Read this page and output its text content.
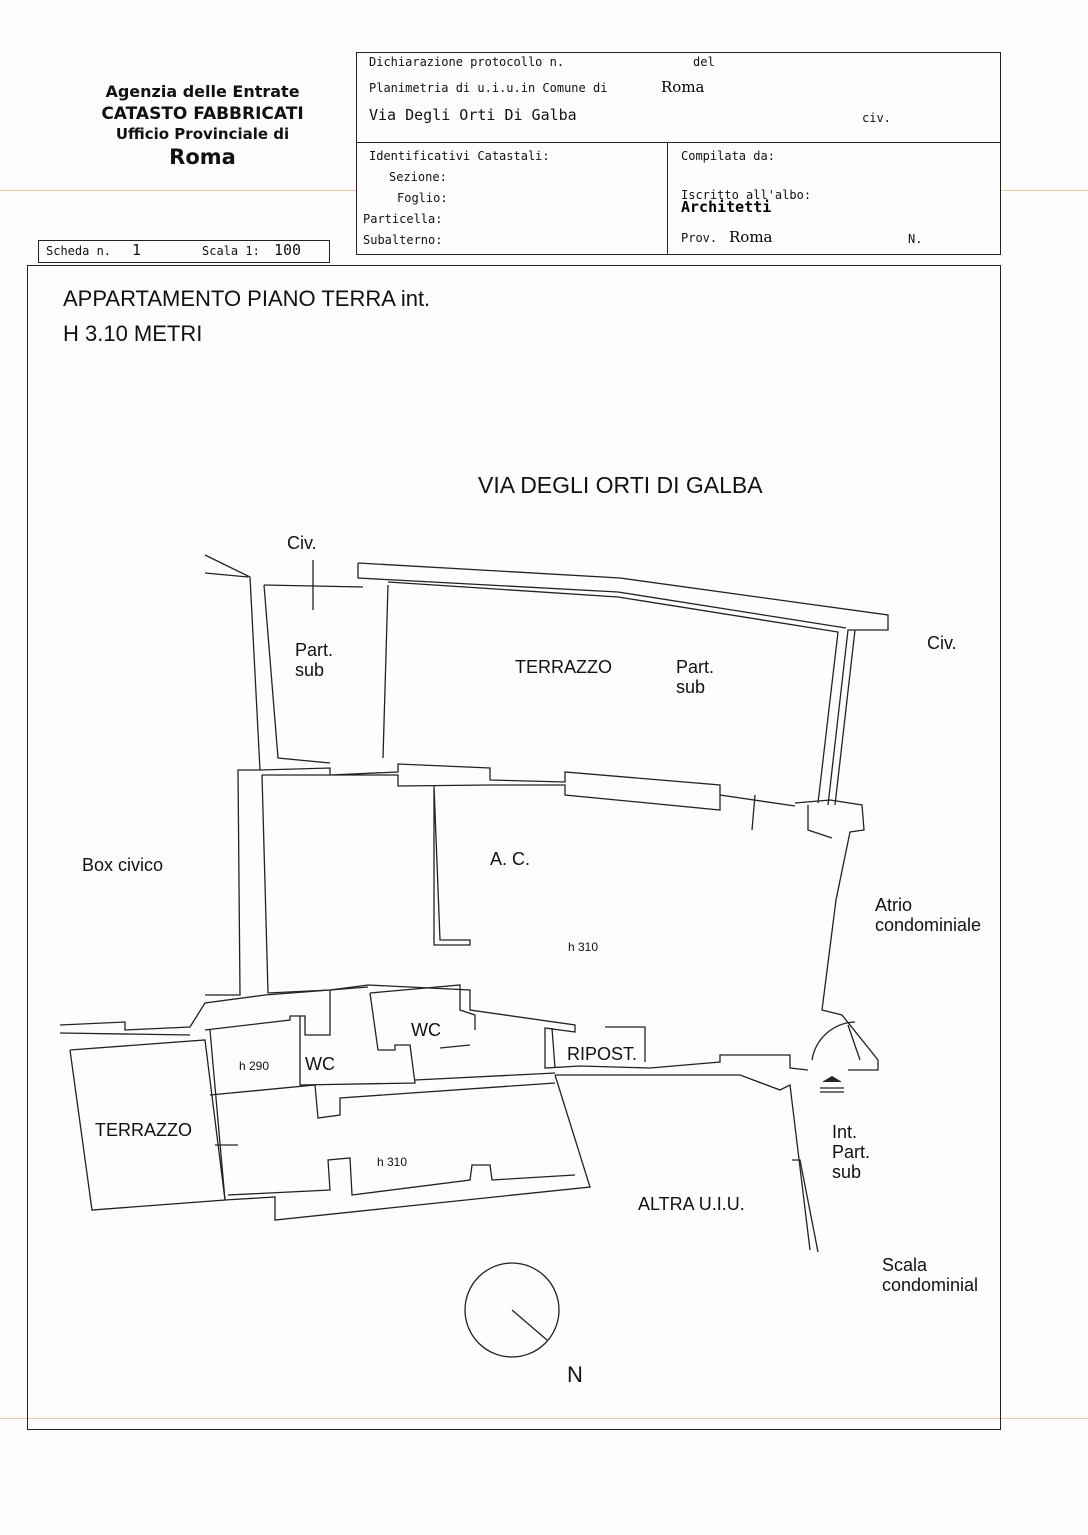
Agenzia delle Entrate
CATASTO FABBRICATI
Ufficio Provinciale di
Roma
Dichiarazione protocollo n.	del
Planimetria di u.i.u.in Comune di	Roma
Via Degli Orti Di Galba	civ.
Identificativi Catastali:
Sezione:
Foglio:
Particella:
Subalterno:
Compilata da:
Iscritto all'albo:
Architetti
Prov. Roma	N.
Scheda n. 1	Scala 1: 100
APPARTAMENTO PIANO TERRA int.
H 3.10 METRI
VIA DEGLI ORTI DI GALBA
Civ.
Civ.
Part.
sub	TERRAZZO	Part.
sub
Box civico	A. C.
h 310
Atrio
condominiale
WC
WC
h 290
RIPOST.
TERRAZZO
h 310
Int.
Part.
sub
ALTRA U.I.U.
Scala
condominial
N
